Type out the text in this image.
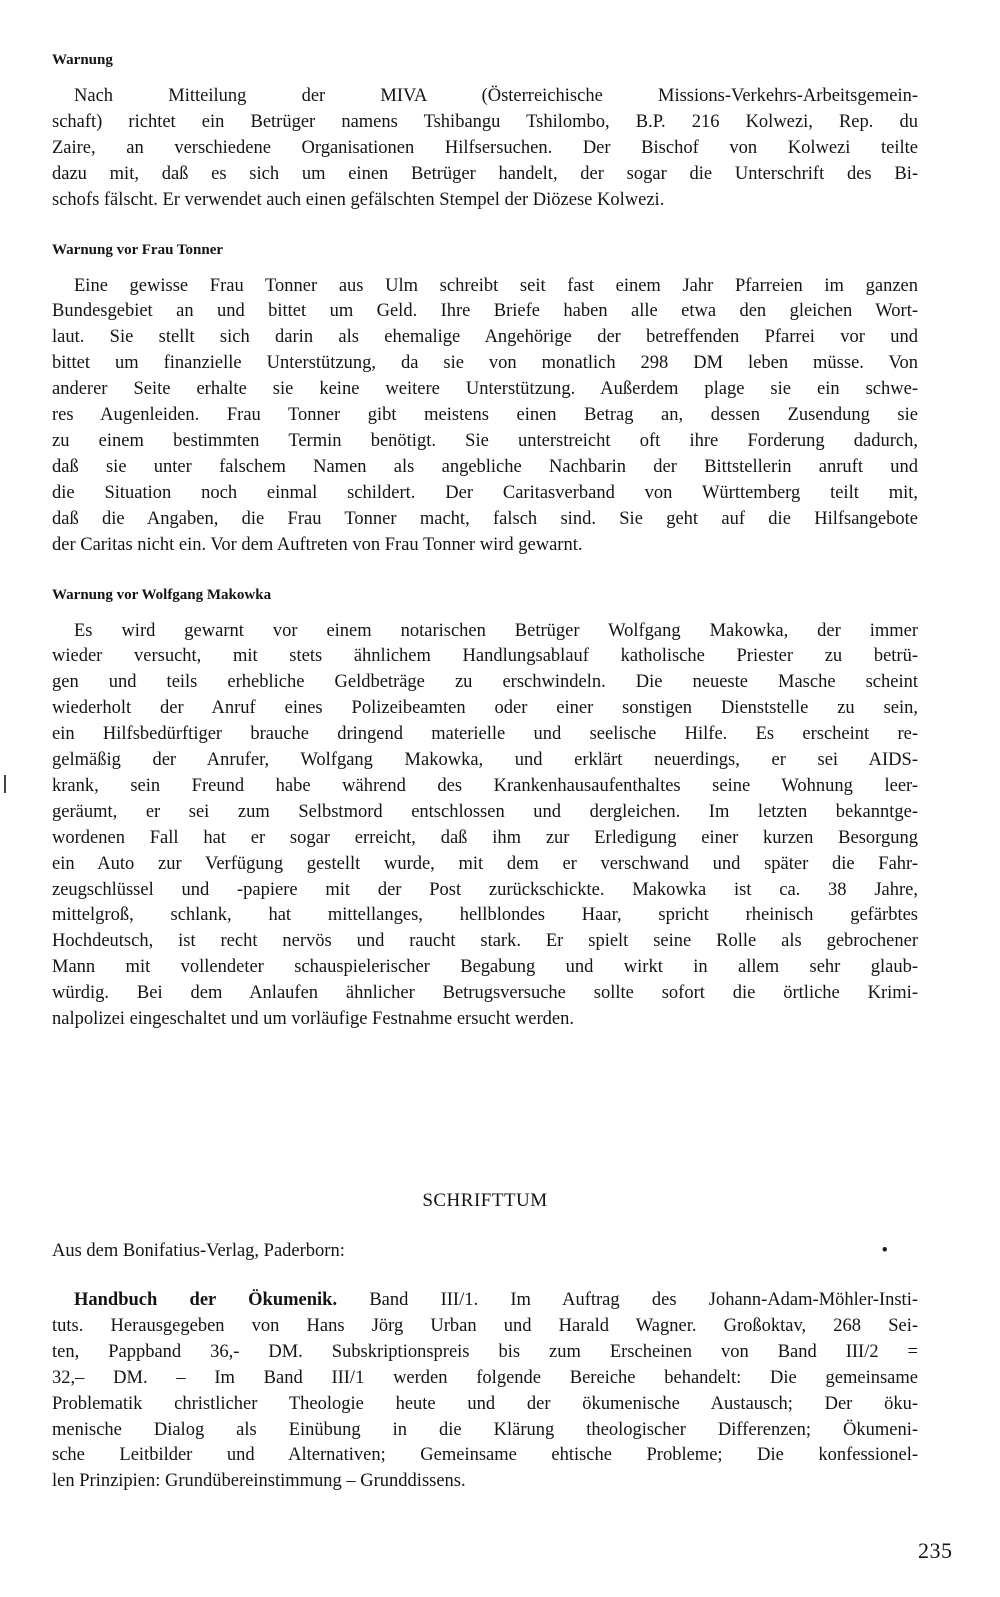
Warnung
Nach Mitteilung der MIVA (Österreichische Missions-Verkehrs-Arbeitsgemein-
schaft) richtet ein Betrüger namens Tshibangu Tshilombo, B.P. 216 Kolwezi, Rep. du
Zaire, an verschiedene Organisationen Hilfsersuchen. Der Bischof von Kolwezi teilte
dazu mit, daß es sich um einen Betrüger handelt, der sogar die Unterschrift des Bi-
schofs fälscht. Er verwendet auch einen gefälschten Stempel der Diözese Kolwezi.
Warnung vor Frau Tonner
Eine gewisse Frau Tonner aus Ulm schreibt seit fast einem Jahr Pfarreien im ganzen
Bundesgebiet an und bittet um Geld. Ihre Briefe haben alle etwa den gleichen Wort-
laut. Sie stellt sich darin als ehemalige Angehörige der betreffenden Pfarrei vor und
bittet um finanzielle Unterstützung, da sie von monatlich 298 DM leben müsse. Von
anderer Seite erhalte sie keine weitere Unterstützung. Außerdem plage sie ein schwe-
res Augenleiden. Frau Tonner gibt meistens einen Betrag an, dessen Zusendung sie
zu einem bestimmten Termin benötigt. Sie unterstreicht oft ihre Forderung dadurch,
daß sie unter falschem Namen als angebliche Nachbarin der Bittstellerin anruft und
die Situation noch einmal schildert. Der Caritasverband von Württemberg teilt mit,
daß die Angaben, die Frau Tonner macht, falsch sind. Sie geht auf die Hilfsangebote
der Caritas nicht ein. Vor dem Auftreten von Frau Tonner wird gewarnt.
Warnung vor Wolfgang Makowka
Es wird gewarnt vor einem notarischen Betrüger Wolfgang Makowka, der immer
wieder versucht, mit stets ähnlichem Handlungsablauf katholische Priester zu betrü-
gen und teils erhebliche Geldbeträge zu erschwindeln. Die neueste Masche scheint
wiederholt der Anruf eines Polizeibeamten oder einer sonstigen Dienststelle zu sein,
ein Hilfsbedürftiger brauche dringend materielle und seelische Hilfe. Es erscheint re-
gelmäßig der Anrufer, Wolfgang Makowka, und erklärt neuerdings, er sei AIDS-
krank, sein Freund habe während des Krankenhausaufenthaltes seine Wohnung leer-
geräumt, er sei zum Selbstmord entschlossen und dergleichen. Im letzten bekanntge-
wordenen Fall hat er sogar erreicht, daß ihm zur Erledigung einer kurzen Besorgung
ein Auto zur Verfügung gestellt wurde, mit dem er verschwand und später die Fahr-
zeugschlüssel und -papiere mit der Post zurückschickte. Makowka ist ca. 38 Jahre,
mittelgroß, schlank, hat mittellanges, hellblondes Haar, spricht rheinisch gefärbtes
Hochdeutsch, ist recht nervös und raucht stark. Er spielt seine Rolle als gebrochener
Mann mit vollendeter schauspielerischer Begabung und wirkt in allem sehr glaub-
würdig. Bei dem Anlaufen ähnlicher Betrugsversuche sollte sofort die örtliche Krimi-
nalpolizei eingeschaltet und um vorläufige Festnahme ersucht werden.
SCHRIFTTUM
Aus dem Bonifatius-Verlag, Paderborn:	•
Handbuch der Ökumenik. Band III/1. Im Auftrag des Johann-Adam-Möhler-Insti-
tuts. Herausgegeben von Hans Jörg Urban und Harald Wagner. Großoktav, 268 Sei-
ten, Pappband 36,- DM. Subskriptionspreis bis zum Erscheinen von Band III/2 =
32,– DM. – Im Band III/1 werden folgende Bereiche behandelt: Die gemeinsame
Problematik christlicher Theologie heute und der ökumenische Austausch; Der öku-
menische Dialog als Einübung in die Klärung theologischer Differenzen; Ökumeni-
sche Leitbilder und Alternativen; Gemeinsame ehtische Probleme; Die konfessionel-
len Prinzipien: Grundübereinstimmung – Grunddissens.
235
